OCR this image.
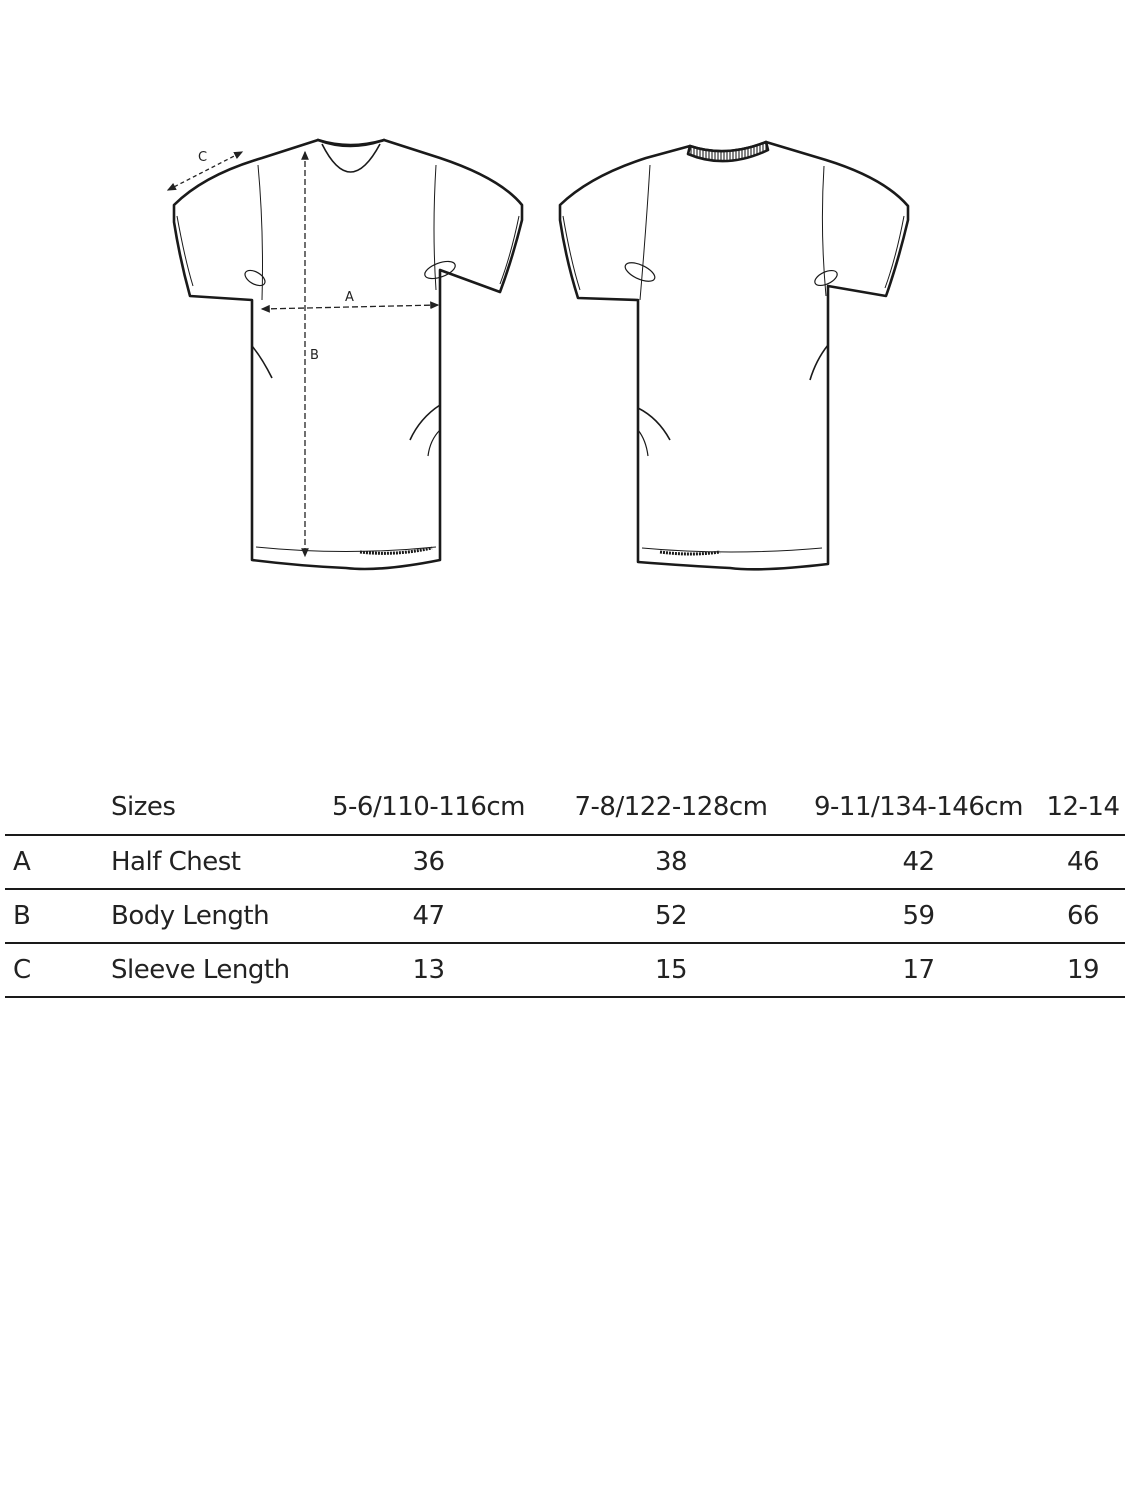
A
B
C
	Sizes	5-6/110-116cm	7-8/122-128cm	9-11/134-146cm	12-14
A	Half Chest	36	38	42	46
B	Body Length	47	52	59	66
C	Sleeve Length	13	15	17	19
